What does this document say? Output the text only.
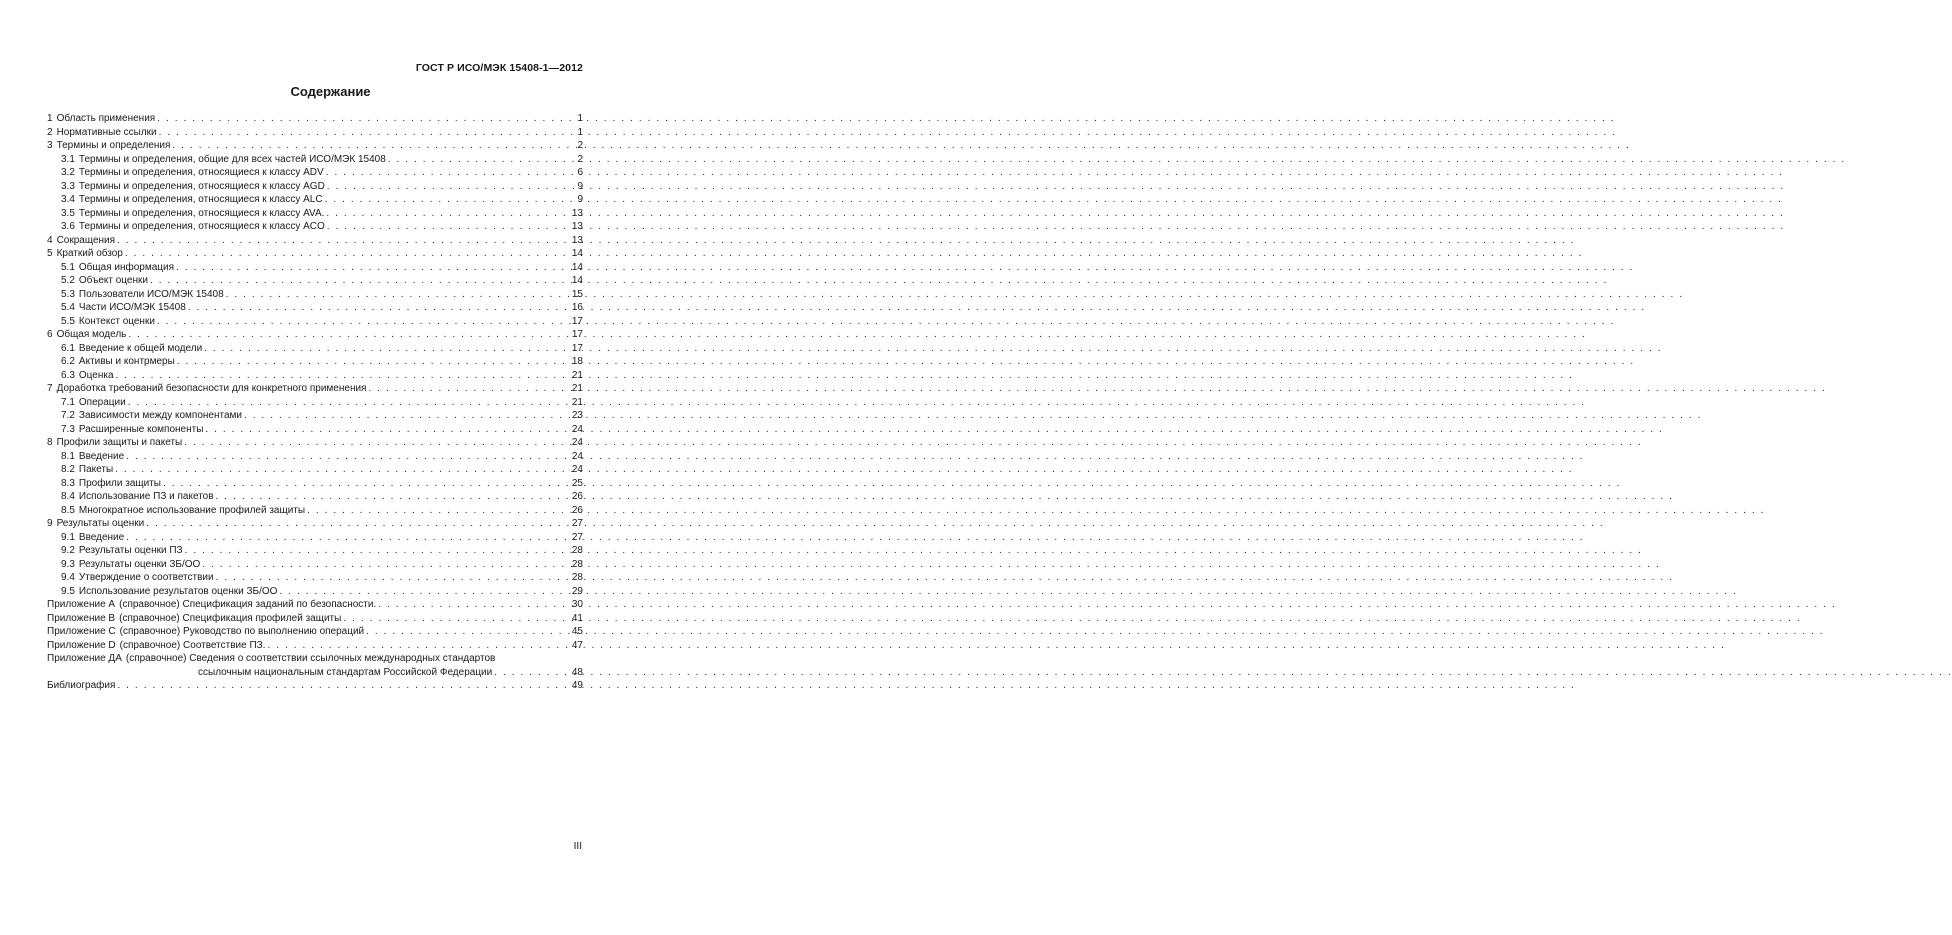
ГОСТ Р ИСО/МЭК 15408-1—2012
Содержание
1 Область применения . . .	1
2 Нормативные ссылки . . .	1
3 Термины и определения . . .	2
3.1 Термины и определения, общие для всех частей ИСО/МЭК 15408 . . .	2
3.2 Термины и определения, относящиеся к классу ADV . . .	6
3.3 Термины и определения, относящиеся к классу AGD . . .	9
3.4 Термины и определения, относящиеся к классу ALC . . .	9
3.5 Термины и определения, относящиеся к классу AVA. . . .	13
3.6 Термины и определения, относящиеся к классу ACO . . .	13
4 Сокращения . . .	13
5 Краткий обзор . . .	14
5.1 Общая информация . . .	14
5.2 Объект оценки . . .	14
5.3 Пользователи ИСО/МЭК 15408 . . .	15
5.4 Части ИСО/МЭК 15408 . . .	16
5.5 Контекст оценки . . .	17
6 Общая модель . . .	17
6.1 Введение к общей модели . . .	17
6.2 Активы и контрмеры . . .	18
6.3 Оценка . . .	21
7 Доработка требований безопасности для конкретного применения . . .	21
7.1 Операции . . .	21
7.2 Зависимости между компонентами . . .	23
7.3 Расширенные компоненты . . .	24
8 Профили защиты и пакеты . . .	24
8.1 Введение . . .	24
8.2 Пакеты . . .	24
8.3 Профили защиты . . .	25
8.4 Использование ПЗ и пакетов . . .	26
8.5 Многократное использование профилей защиты . . .	26
9 Результаты оценки . . .	27
9.1 Введение . . .	27
9.2 Результаты оценки ПЗ . . .	28
9.3 Результаты оценки ЗБ/ОО . . .	28
9.4 Утверждение о соответствии . . .	28
9.5 Использование результатов оценки ЗБ/ОО . . .	29
Приложение A (справочное) Спецификация заданий по безопасности. . . .	30
Приложение B (справочное) Спецификация профилей защиты . . .	41
Приложение C (справочное) Руководство по выполнению операций . . .	45
Приложение D (справочное) Соответствие ПЗ. . . .	47
Приложение ДА (справочное) Сведения о соответствии ссылочных международных стандартов
ссылочным национальным стандартам Российской Федерации . . .	48
Библиография . . .	49
III
